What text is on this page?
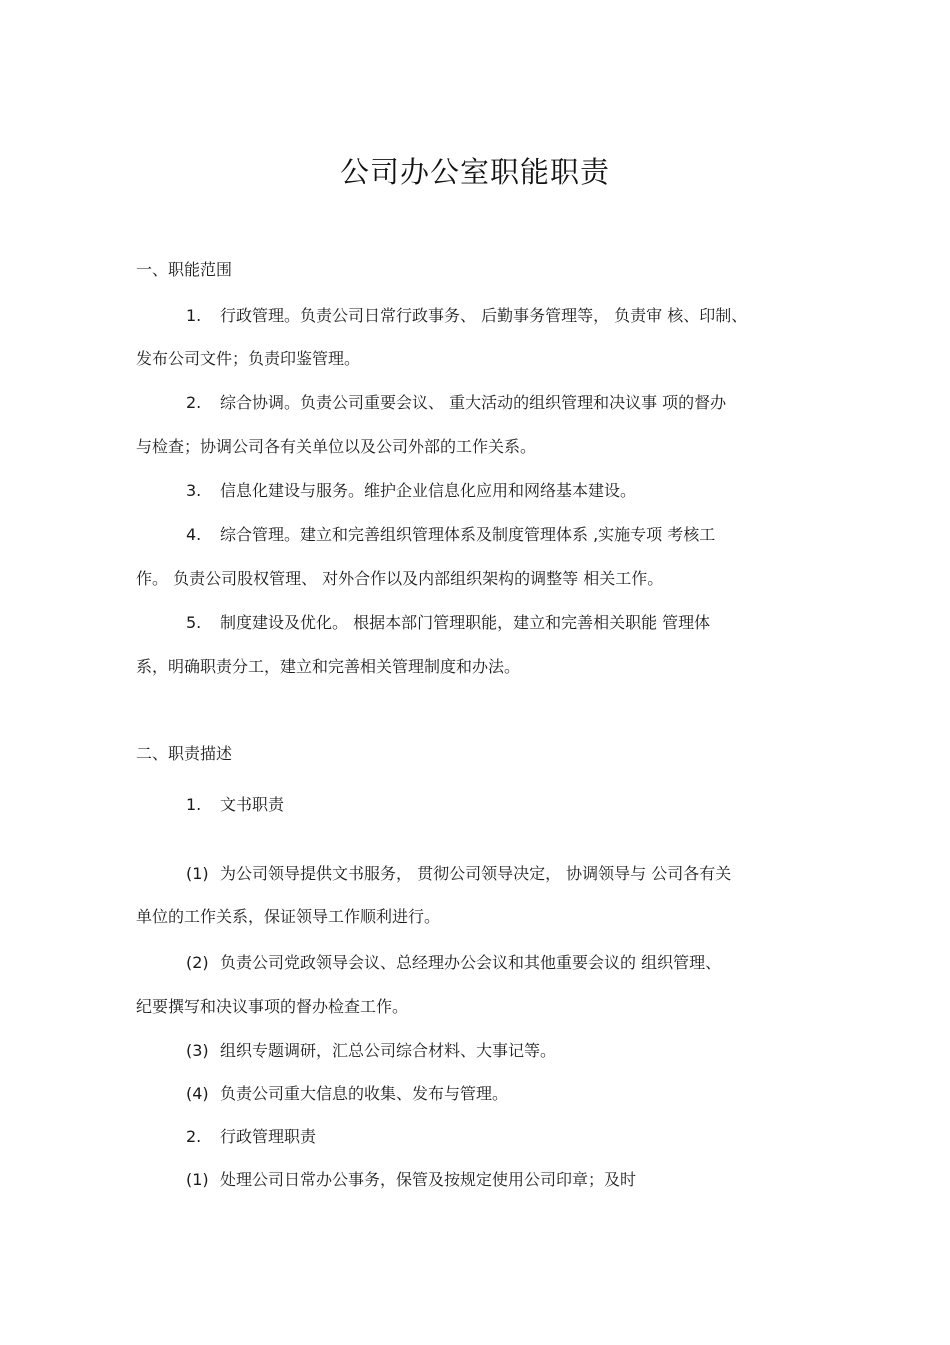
公司办公室职能职责
一、职能范围
1. 行政管理。负责公司日常行政事务、 后勤事务管理等， 负责审 核、印制、
发布公司文件；负责印鉴管理。
2. 综合协调。负责公司重要会议、 重大活动的组织管理和决议事 项的督办
与检查；协调公司各有关单位以及公司外部的工作关系。
3. 信息化建设与服务。维护企业信息化应用和网络基本建设。
4. 综合管理。建立和完善组织管理体系及制度管理体系 ,实施专项 考核工
作。 负责公司股权管理、 对外合作以及内部组织架构的调整等 相关工作。
5. 制度建设及优化。 根据本部门管理职能，建立和完善相关职能 管理体
系，明确职责分工，建立和完善相关管理制度和办法。
二、职责描述
1. 文书职责
(1) 为公司领导提供文书服务， 贯彻公司领导决定， 协调领导与 公司各有关
单位的工作关系，保证领导工作顺利进行。
(2) 负责公司党政领导会议、总经理办公会议和其他重要会议的 组织管理、
纪要撰写和决议事项的督办检查工作。
(3) 组织专题调研，汇总公司综合材料、大事记等。
(4) 负责公司重大信息的收集、发布与管理。
2. 行政管理职责
(1) 处理公司日常办公事务，保管及按规定使用公司印章；及时
